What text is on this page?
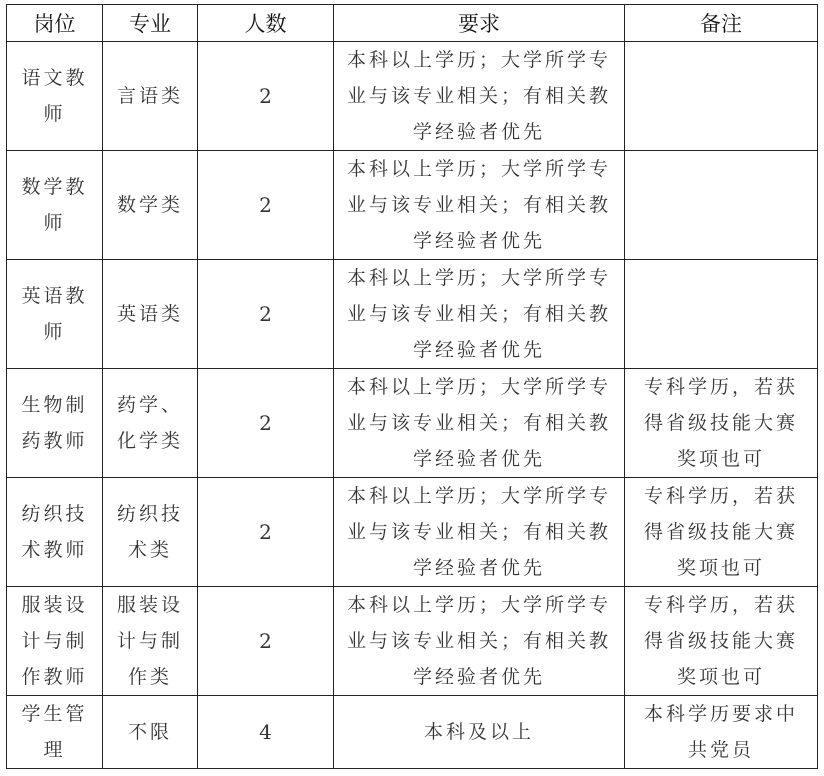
岗位	专业	人数	要求	备注
语文教师	言语类	2	本科以上学历；大学所学专业与该专业相关；有相关教学经验者优先	
数学教师	数学类	2	本科以上学历；大学所学专业与该专业相关；有相关教学经验者优先	
英语教师	英语类	2	本科以上学历；大学所学专业与该专业相关；有相关教学经验者优先	
生物制药教师	药学、化学类	2	本科以上学历；大学所学专业与该专业相关；有相关教学经验者优先	专科学历，若获得省级技能大赛奖项也可
纺织技术教师	纺织技术类	2	本科以上学历；大学所学专业与该专业相关；有相关教学经验者优先	专科学历，若获得省级技能大赛奖项也可
服装设计与制作教师	服装设计与制作类	2	本科以上学历；大学所学专业与该专业相关；有相关教学经验者优先	专科学历，若获得省级技能大赛奖项也可
学生管理	不限	4	本科及以上	本科学历要求中共党员
